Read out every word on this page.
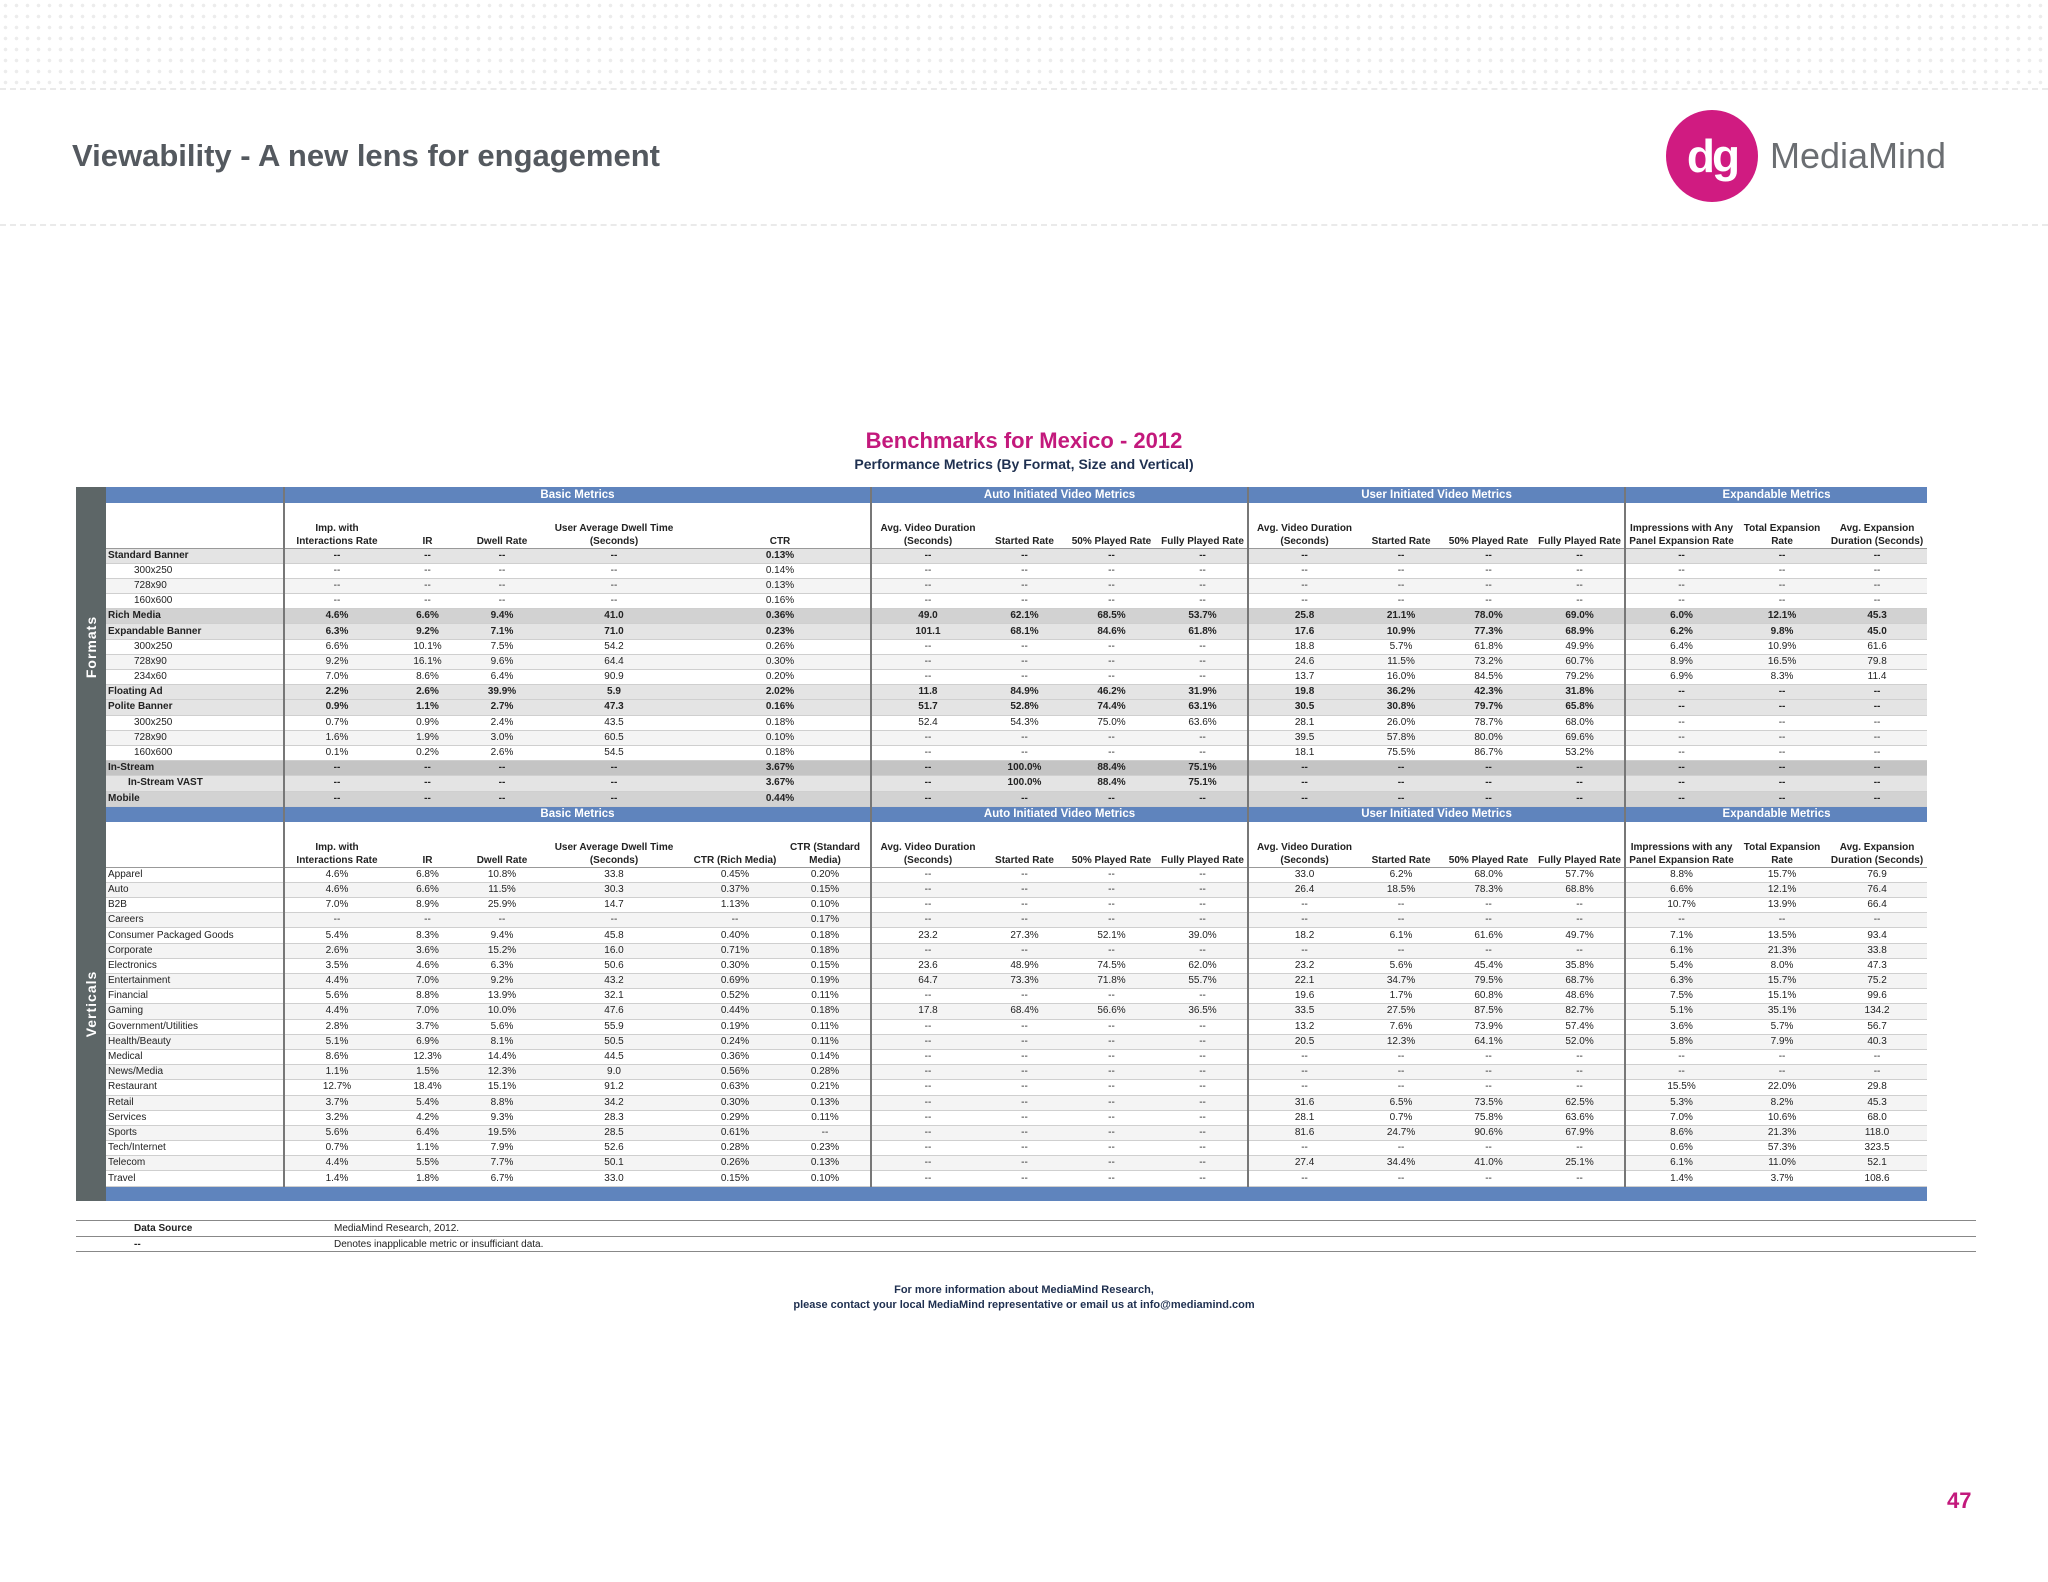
Viewability - A new lens for engagement	dg MediaMind
Benchmarks for Mexico - 2012
Performance Metrics (By Format, Size and Vertical)
Formats
Verticals
	Basic Metrics						Auto Initiated Video Metrics				User Initiated Video Metrics				Expandable Metrics		
	Imp. with Interactions Rate	IR	Dwell Rate	User Average Dwell Time (Seconds)	CTR		Avg. Video Duration (Seconds)	Started Rate	50% Played Rate	Fully Played Rate	Avg. Video Duration (Seconds)	Started Rate	50% Played Rate	Fully Played Rate	Impressions with Any Panel Expansion Rate	Total Expansion Rate	Avg. Expansion Duration (Seconds)
Standard Banner	--	--	--	--	0.13%		--	--	--	--	--	--	--	--	--	--	--
300x250	--	--	--	--	0.14%		--	--	--	--	--	--	--	--	--	--	--
728x90	--	--	--	--	0.13%		--	--	--	--	--	--	--	--	--	--	--
160x600	--	--	--	--	0.16%		--	--	--	--	--	--	--	--	--	--	--
Rich Media	4.6%	6.6%	9.4%	41.0	0.36%		49.0	62.1%	68.5%	53.7%	25.8	21.1%	78.0%	69.0%	6.0%	12.1%	45.3
Expandable Banner	6.3%	9.2%	7.1%	71.0	0.23%		101.1	68.1%	84.6%	61.8%	17.6	10.9%	77.3%	68.9%	6.2%	9.8%	45.0
300x250	6.6%	10.1%	7.5%	54.2	0.26%		--	--	--	--	18.8	5.7%	61.8%	49.9%	6.4%	10.9%	61.6
728x90	9.2%	16.1%	9.6%	64.4	0.30%		--	--	--	--	24.6	11.5%	73.2%	60.7%	8.9%	16.5%	79.8
234x60	7.0%	8.6%	6.4%	90.9	0.20%		--	--	--	--	13.7	16.0%	84.5%	79.2%	6.9%	8.3%	11.4
Floating Ad	2.2%	2.6%	39.9%	5.9	2.02%		11.8	84.9%	46.2%	31.9%	19.8	36.2%	42.3%	31.8%	--	--	--
Polite Banner	0.9%	1.1%	2.7%	47.3	0.16%		51.7	52.8%	74.4%	63.1%	30.5	30.8%	79.7%	65.8%	--	--	--
300x250	0.7%	0.9%	2.4%	43.5	0.18%		52.4	54.3%	75.0%	63.6%	28.1	26.0%	78.7%	68.0%	--	--	--
728x90	1.6%	1.9%	3.0%	60.5	0.10%		--	--	--	--	39.5	57.8%	80.0%	69.6%	--	--	--
160x600	0.1%	0.2%	2.6%	54.5	0.18%		--	--	--	--	18.1	75.5%	86.7%	53.2%	--	--	--
In-Stream	--	--	--	--	3.67%		--	100.0%	88.4%	75.1%	--	--	--	--	--	--	--
In-Stream VAST	--	--	--	--	3.67%		--	100.0%	88.4%	75.1%	--	--	--	--	--	--	--
Mobile	--	--	--	--	0.44%		--	--	--	--	--	--	--	--	--	--	--
	Basic Metrics						Auto Initiated Video Metrics				User Initiated Video Metrics				Expandable Metrics		
	Imp. with Interactions Rate	IR	Dwell Rate	User Average Dwell Time (Seconds)	CTR (Rich Media)	CTR (Standard Media)	Avg. Video Duration (Seconds)	Started Rate	50% Played Rate	Fully Played Rate	Avg. Video Duration (Seconds)	Started Rate	50% Played Rate	Fully Played Rate	Impressions with any Panel Expansion Rate	Total Expansion Rate	Avg. Expansion Duration (Seconds)
Apparel	4.6%	6.8%	10.8%	33.8	0.45%	0.20%	--	--	--	--	33.0	6.2%	68.0%	57.7%	8.8%	15.7%	76.9
Auto	4.6%	6.6%	11.5%	30.3	0.37%	0.15%	--	--	--	--	26.4	18.5%	78.3%	68.8%	6.6%	12.1%	76.4
B2B	7.0%	8.9%	25.9%	14.7	1.13%	0.10%	--	--	--	--	--	--	--	--	10.7%	13.9%	66.4
Careers	--	--	--	--	--	0.17%	--	--	--	--	--	--	--	--	--	--	--
Consumer Packaged Goods	5.4%	8.3%	9.4%	45.8	0.40%	0.18%	23.2	27.3%	52.1%	39.0%	18.2	6.1%	61.6%	49.7%	7.1%	13.5%	93.4
Corporate	2.6%	3.6%	15.2%	16.0	0.71%	0.18%	--	--	--	--	--	--	--	--	6.1%	21.3%	33.8
Electronics	3.5%	4.6%	6.3%	50.6	0.30%	0.15%	23.6	48.9%	74.5%	62.0%	23.2	5.6%	45.4%	35.8%	5.4%	8.0%	47.3
Entertainment	4.4%	7.0%	9.2%	43.2	0.69%	0.19%	64.7	73.3%	71.8%	55.7%	22.1	34.7%	79.5%	68.7%	6.3%	15.7%	75.2
Financial	5.6%	8.8%	13.9%	32.1	0.52%	0.11%	--	--	--	--	19.6	1.7%	60.8%	48.6%	7.5%	15.1%	99.6
Gaming	4.4%	7.0%	10.0%	47.6	0.44%	0.18%	17.8	68.4%	56.6%	36.5%	33.5	27.5%	87.5%	82.7%	5.1%	35.1%	134.2
Government/Utilities	2.8%	3.7%	5.6%	55.9	0.19%	0.11%	--	--	--	--	13.2	7.6%	73.9%	57.4%	3.6%	5.7%	56.7
Health/Beauty	5.1%	6.9%	8.1%	50.5	0.24%	0.11%	--	--	--	--	20.5	12.3%	64.1%	52.0%	5.8%	7.9%	40.3
Medical	8.6%	12.3%	14.4%	44.5	0.36%	0.14%	--	--	--	--	--	--	--	--	--	--	--
News/Media	1.1%	1.5%	12.3%	9.0	0.56%	0.28%	--	--	--	--	--	--	--	--	--	--	--
Restaurant	12.7%	18.4%	15.1%	91.2	0.63%	0.21%	--	--	--	--	--	--	--	--	15.5%	22.0%	29.8
Retail	3.7%	5.4%	8.8%	34.2	0.30%	0.13%	--	--	--	--	31.6	6.5%	73.5%	62.5%	5.3%	8.2%	45.3
Services	3.2%	4.2%	9.3%	28.3	0.29%	0.11%	--	--	--	--	28.1	0.7%	75.8%	63.6%	7.0%	10.6%	68.0
Sports	5.6%	6.4%	19.5%	28.5	0.61%	--	--	--	--	--	81.6	24.7%	90.6%	67.9%	8.6%	21.3%	118.0
Tech/Internet	0.7%	1.1%	7.9%	52.6	0.28%	0.23%	--	--	--	--	--	--	--	--	0.6%	57.3%	323.5
Telecom	4.4%	5.5%	7.7%	50.1	0.26%	0.13%	--	--	--	--	27.4	34.4%	41.0%	25.1%	6.1%	11.0%	52.1
Travel	1.4%	1.8%	6.7%	33.0	0.15%	0.10%	--	--	--	--	--	--	--	--	1.4%	3.7%	108.6

Data Source	MediaMind Research, 2012.
--	Denotes inapplicable metric or insufficiant data.
For more information about MediaMind Research,
please contact your local MediaMind representative or email us at info@mediamind.com
47
